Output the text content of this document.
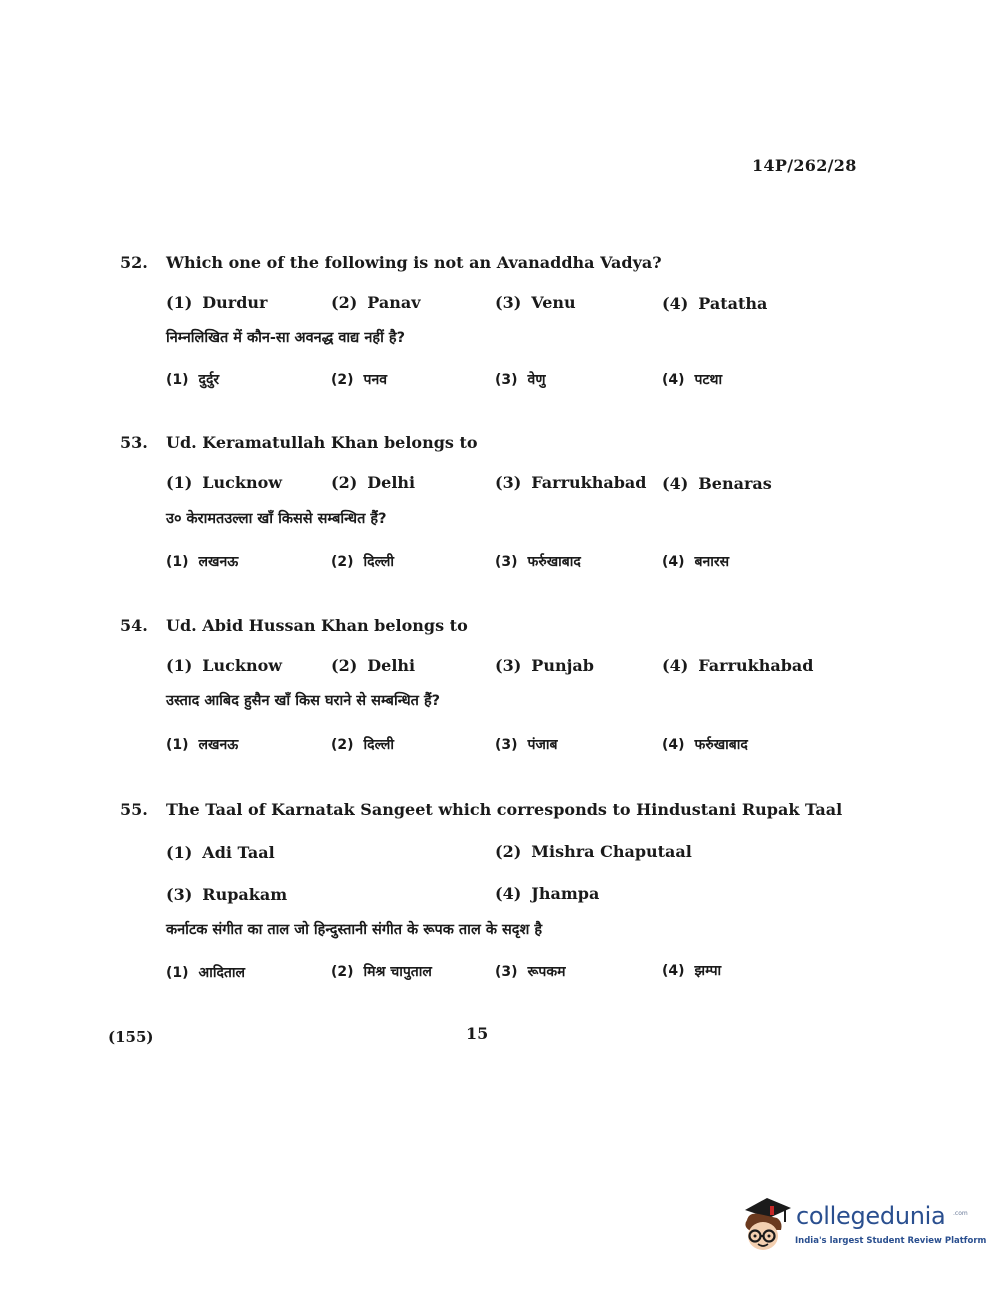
14P/262/28
52. Which one of the following is not an Avanaddha Vadya?
(1) Durdur	(2) Panav	(3) Venu	(4) Patatha
निम्नलिखित में कौन-सा अवनद्ध वाद्य नहीं है?
(1) दुर्दुर	(2) पनव	(3) वेणु	(4) पटथा
53. Ud. Keramatullah Khan belongs to
(1) Lucknow	(2) Delhi	(3) Farrukhabad (4) Benaras
उ० केरामतउल्ला खाँ किससे सम्बन्धित हैं?
(1) लखनऊ	(2) दिल्ली	(3) फर्रुखाबाद	(4) बनारस
54. Ud. Abid Hussan Khan belongs to
(1) Lucknow	(2) Delhi	(3) Punjab	(4) Farrukhabad
उस्ताद आबिद हुसैन खाँ किस घराने से सम्बन्धित हैं?
(1) लखनऊ	(2) दिल्ली	(3) पंजाब	(4) फर्रुखाबाद
55. The Taal of Karnatak Sangeet which corresponds to Hindustani Rupak Taal
(1) Adi Taal	(2) Mishra Chaputaal
(3) Rupakam	(4) Jhampa
कर्नाटक संगीत का ताल जो हिन्दुस्तानी संगीत के रूपक ताल के सदृश है
(1) आदिताल	(2) मिश्र चापुताल	(3) रूपकम	(4) झम्पा
(155)	15
collegedunia .com
India's largest Student Review Platform
